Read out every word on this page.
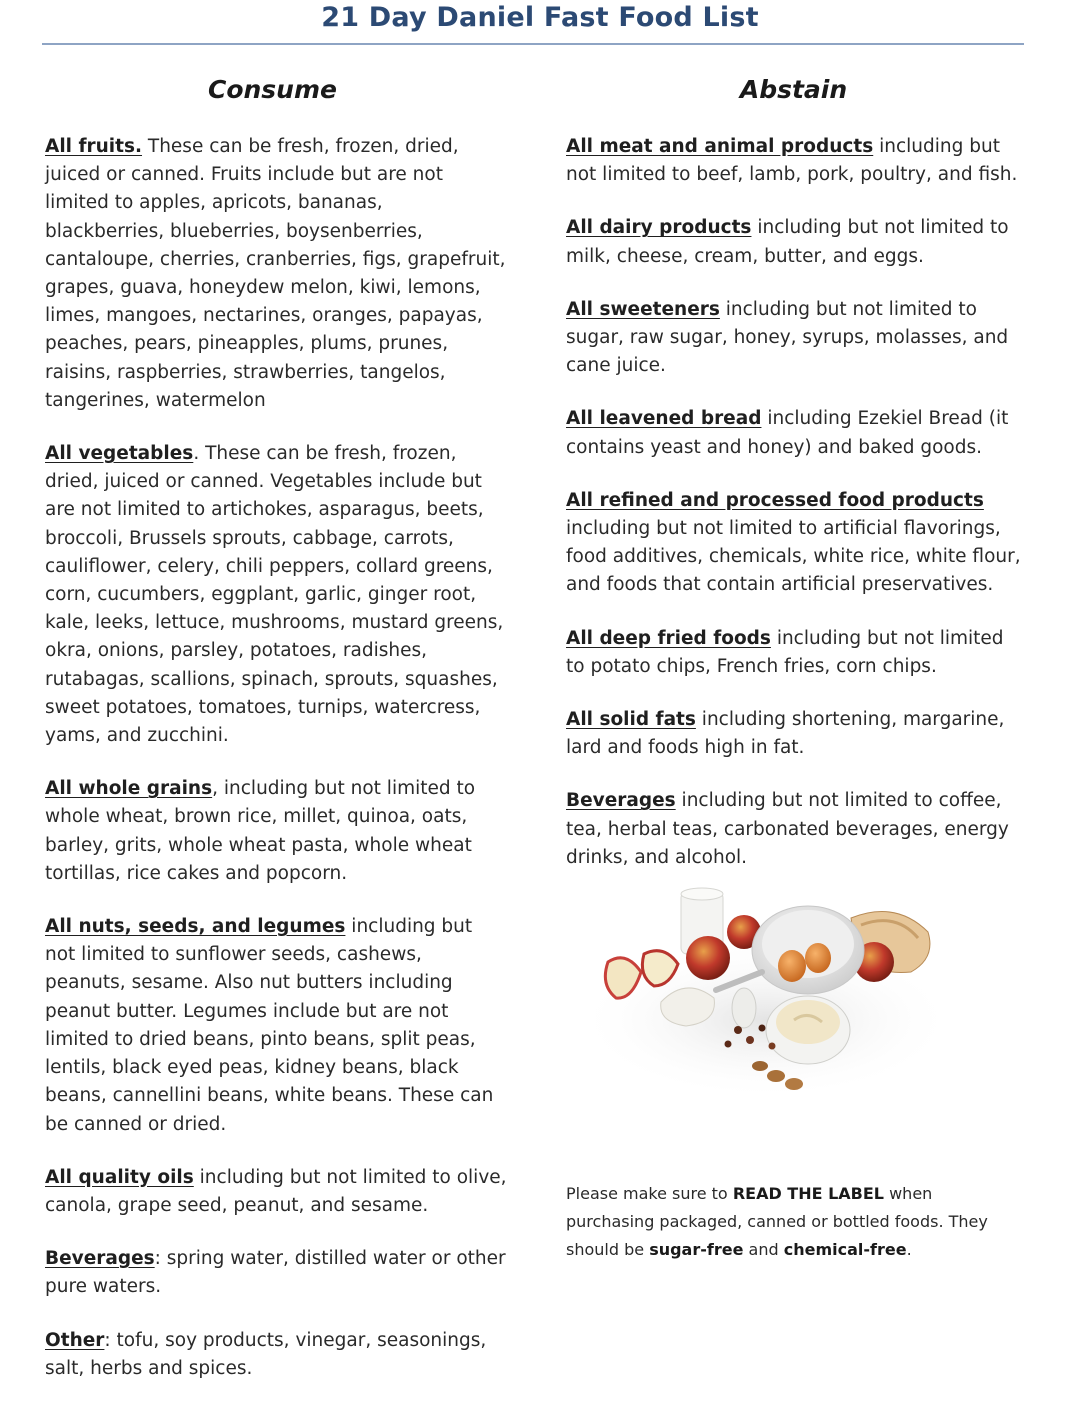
21 Day Daniel Fast Food List
Consume	Abstain

All fruits. These can be fresh, frozen, dried, juiced or canned. Fruits include but are not limited to apples, apricots, bananas, blackberries, blueberries, boysenberries, cantaloupe, cherries, cranberries, figs, grapefruit, grapes, guava, honeydew melon, kiwi, lemons, limes, mangoes, nectarines, oranges, papayas, peaches, pears, pineapples, plums, prunes, raisins, raspberries, strawberries, tangelos, tangerines, watermelon

All vegetables. These can be fresh, frozen, dried, juiced or canned. Vegetables include but are not limited to artichokes, asparagus, beets, broccoli, Brussels sprouts, cabbage, carrots, cauliflower, celery, chili peppers, collard greens, corn, cucumbers, eggplant, garlic, ginger root, kale, leeks, lettuce, mushrooms, mustard greens, okra, onions, parsley, potatoes, radishes, rutabagas, scallions, spinach, sprouts, squashes, sweet potatoes, tomatoes, turnips, watercress, yams, and zucchini.

All whole grains, including but not limited to whole wheat, brown rice, millet, quinoa, oats, barley, grits, whole wheat pasta, whole wheat tortillas, rice cakes and popcorn.

All nuts, seeds, and legumes including but not limited to sunflower seeds, cashews, peanuts, sesame. Also nut butters including peanut butter. Legumes include but are not limited to dried beans, pinto beans, split peas, lentils, black eyed peas, kidney beans, black beans, cannellini beans, white beans. These can be canned or dried.

All quality oils including but not limited to olive, canola, grape seed, peanut, and sesame.

Beverages: spring water, distilled water or other pure waters.

Other: tofu, soy products, vinegar, seasonings, salt, herbs and spices.

All meat and animal products including but not limited to beef, lamb, pork, poultry, and fish.

All dairy products including but not limited to milk, cheese, cream, butter, and eggs.

All sweeteners including but not limited to sugar, raw sugar, honey, syrups, molasses, and cane juice.

All leavened bread including Ezekiel Bread (it contains yeast and honey) and baked goods.

All refined and processed food products including but not limited to artificial flavorings, food additives, chemicals, white rice, white flour, and foods that contain artificial preservatives.

All deep fried foods including but not limited to potato chips, French fries, corn chips.

All solid fats including shortening, margarine, lard and foods high in fat.

Beverages including but not limited to coffee, tea, herbal teas, carbonated beverages, energy drinks, and alcohol.

Please make sure to READ THE LABEL when purchasing packaged, canned or bottled foods. They should be sugar-free and chemical-free.
